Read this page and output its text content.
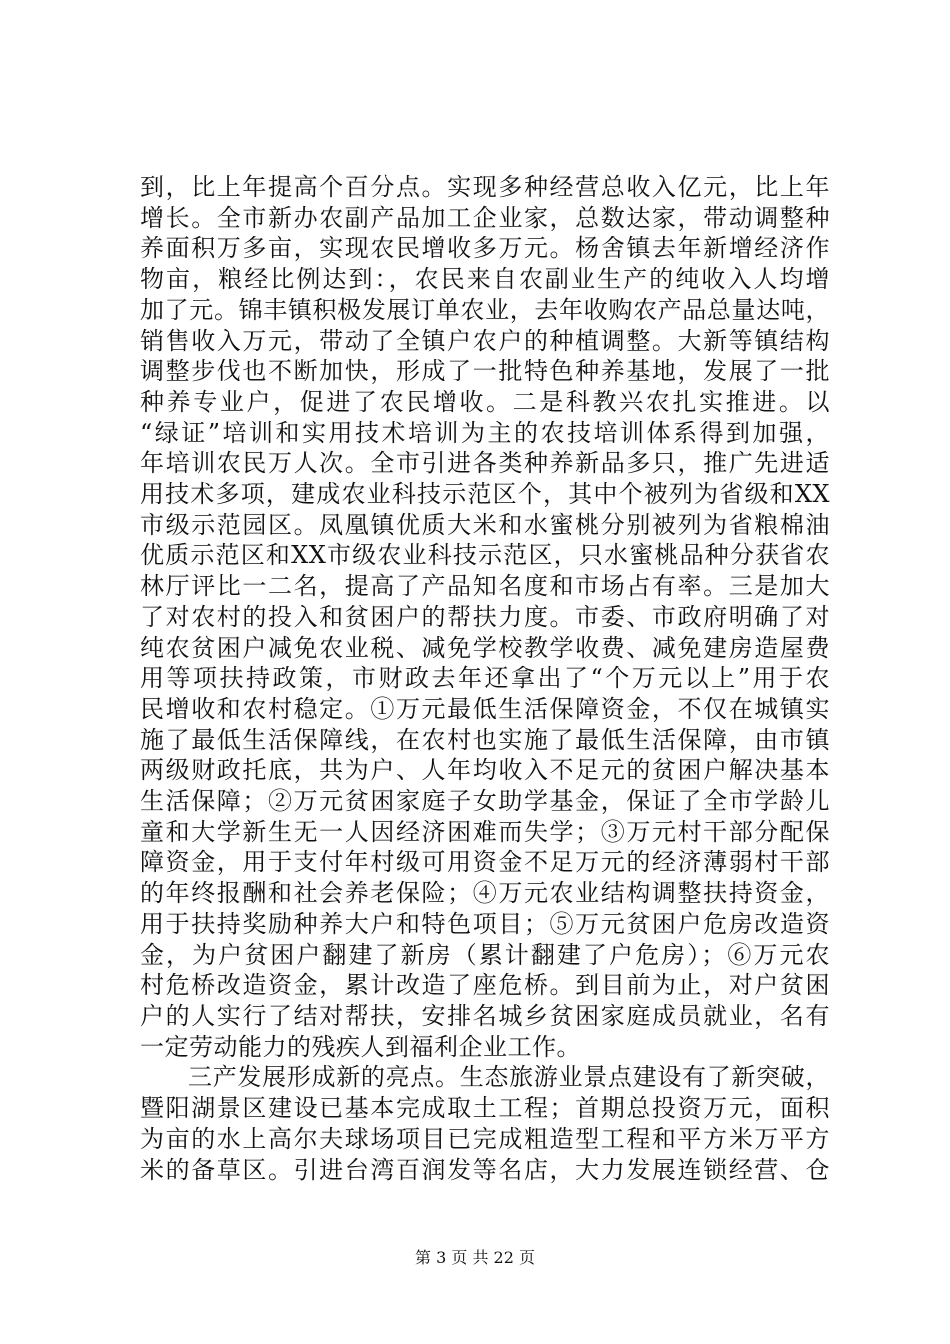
到，比上年提高个百分点。实现多种经营总收入亿元，比上年
增长。全市新办农副产品加工企业家，总数达家，带动调整种
养面积万多亩，实现农民增收多万元。杨舍镇去年新增经济作
物亩，粮经比例达到：，农民来自农副业生产的纯收入人均增
加了元。锦丰镇积极发展订单农业，去年收购农产品总量达吨，
销售收入万元，带动了全镇户农户的种植调整。大新等镇结构
调整步伐也不断加快，形成了一批特色种养基地，发展了一批
种养专业户，促进了农民增收。二是科教兴农扎实推进。以
“绿证”培训和实用技术培训为主的农技培训体系得到加强，
年培训农民万人次。全市引进各类种养新品多只，推广先进适
用技术多项，建成农业科技示范区个，其中个被列为省级和XX
市级示范园区。凤凰镇优质大米和水蜜桃分别被列为省粮棉油
优质示范区和XX市级农业科技示范区，只水蜜桃品种分获省农
林厅评比一二名，提高了产品知名度和市场占有率。三是加大
了对农村的投入和贫困户的帮扶力度。市委、市政府明确了对
纯农贫困户减免农业税、减免学校教学收费、减免建房造屋费
用等项扶持政策，市财政去年还拿出了“个万元以上”用于农
民增收和农村稳定。①万元最低生活保障资金，不仅在城镇实
施了最低生活保障线，在农村也实施了最低生活保障，由市镇
两级财政托底，共为户、人年均收入不足元的贫困户解决基本
生活保障；②万元贫困家庭子女助学基金，保证了全市学龄儿
童和大学新生无一人因经济困难而失学；③万元村干部分配保
障资金，用于支付年村级可用资金不足万元的经济薄弱村干部
的年终报酬和社会养老保险；④万元农业结构调整扶持资金，
用于扶持奖励种养大户和特色项目；⑤万元贫困户危房改造资
金，为户贫困户翻建了新房（累计翻建了户危房）；⑥万元农
村危桥改造资金，累计改造了座危桥。到目前为止，对户贫困
户的人实行了结对帮扶，安排名城乡贫困家庭成员就业，名有
一定劳动能力的残疾人到福利企业工作。
三产发展形成新的亮点。生态旅游业景点建设有了新突破，
暨阳湖景区建设已基本完成取土工程；首期总投资万元，面积
为亩的水上高尔夫球场项目已完成粗造型工程和平方米万平方
米的备草区。引进台湾百润发等名店，大力发展连锁经营、仓
第 3 页 共 22 页
